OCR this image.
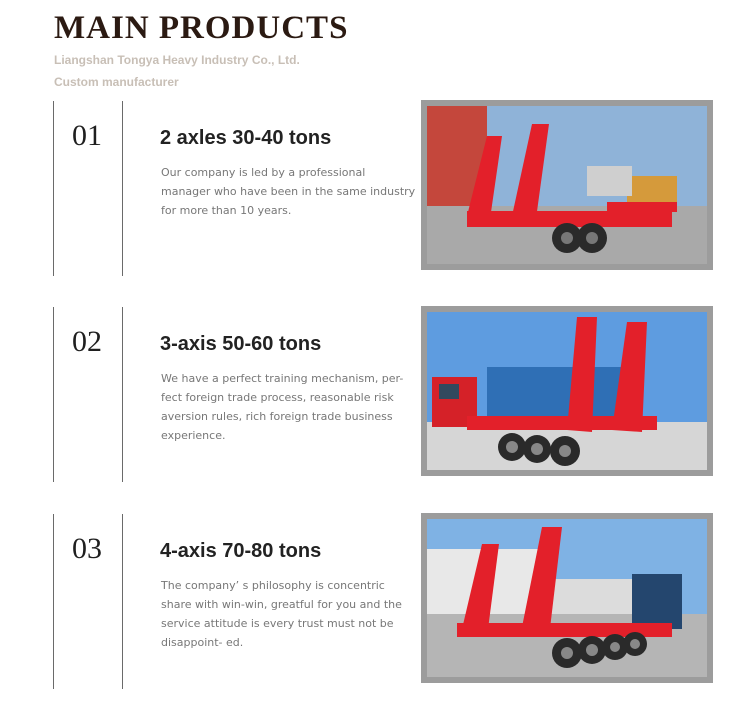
MAIN PRODUCTS

Liangshan Tongya Heavy Industry Co., Ltd.

Custom manufacturer

01	2 axles 30-40 tons

Our company is led by a professional manager who have been in the same industry for more than 10 years.

02	3-axis 50-60 tons

We have a perfect training mechanism, per- fect foreign trade process, reasonable risk aversion rules, rich foreign trade business experience.

03	4-axis 70-80 tons

The company’ s philosophy is concentric share with win-win, greatful for you and the service attitude is every trust must not be disappoint- ed.
